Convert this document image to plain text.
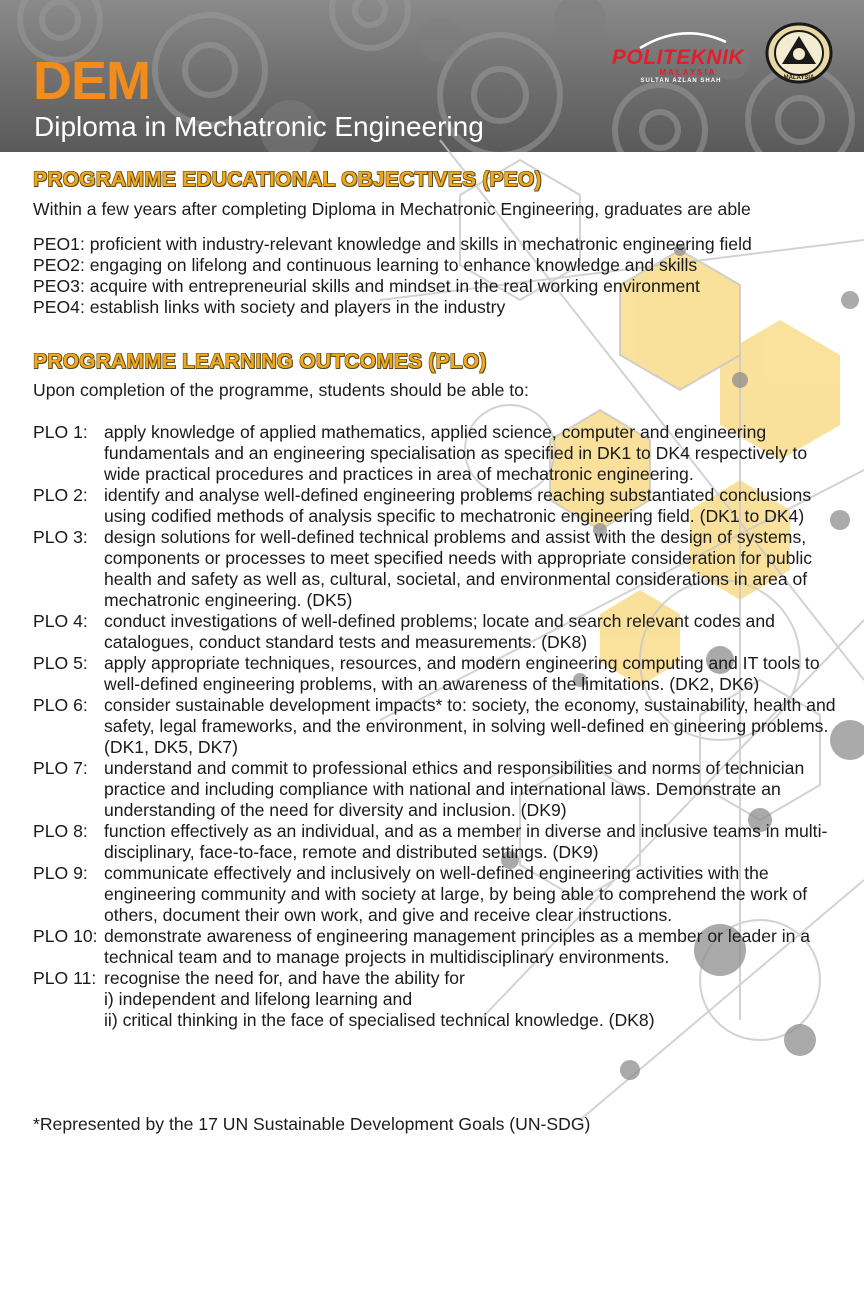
DEM
Diploma in Mechatronic Engineering
POLITEKNIK
MALAYSIA
SULTAN AZLAN SHAH	MALAYSIA
PROGRAMME EDUCATIONAL OBJECTIVES (PEO)

Within a few years after completing Diploma in Mechatronic Engineering, graduates are able

PEO1: proficient with industry-relevant knowledge and skills in mechatronic engineering field
PEO2: engaging on lifelong and continuous learning to enhance knowledge and skills
PEO3: acquire with entrepreneurial skills and mindset in the real working environment
PEO4: establish links with society and players in the industry
PROGRAMME LEARNING OUTCOMES (PLO)

Upon completion of the programme, students should be able to:

PLO 1: apply knowledge of applied mathematics, applied science, computer and engineering fundamentals and an engineering specialisation as specified in DK1 to DK4 respectively to wide practical procedures and practices in area of mechatronic engineering.
PLO 2: identify and analyse well-defined engineering problems reaching substantiated conclusions using codified methods of analysis specific to mechatronic engineering field. (DK1 to DK4)
PLO 3: design solutions for well-defined technical problems and assist with the design of systems, components or processes to meet specified needs with appropriate consideration for public health and safety as well as, cultural, societal, and environmental considerations in area of mechatronic engineering. (DK5)
PLO 4: conduct investigations of well-defined problems; locate and search relevant codes and catalogues, conduct standard tests and measurements. (DK8)
PLO 5: apply appropriate techniques, resources, and modern engineering computing and IT tools to well-defined engineering problems, with an awareness of the limitations. (DK2, DK6)
PLO 6: consider sustainable development impacts* to: society, the economy, sustainability, health and safety, legal frameworks, and the environment, in solving well-defined en gineering problems. (DK1, DK5, DK7)
PLO 7: understand and commit to professional ethics and responsibilities and norms of technician practice and including compliance with national and international laws. Demonstrate an understanding of the need for diversity and inclusion. (DK9)
PLO 8: function effectively as an individual, and as a member in diverse and inclusive teams in multi-disciplinary, face-to-face, remote and distributed settings. (DK9)
PLO 9: communicate effectively and inclusively on well-defined engineering activities with the engineering community and with society at large, by being able to comprehend the work of others, document their own work, and give and receive clear instructions.
PLO 10: demonstrate awareness of engineering management principles as a member or leader in a technical team and to manage projects in multidisciplinary environments.
PLO 11: recognise the need for, and have the ability for
i) independent and lifelong learning and
ii) critical thinking in the face of specialised technical knowledge. (DK8)

*Represented by the 17 UN Sustainable Development Goals (UN-SDG)
